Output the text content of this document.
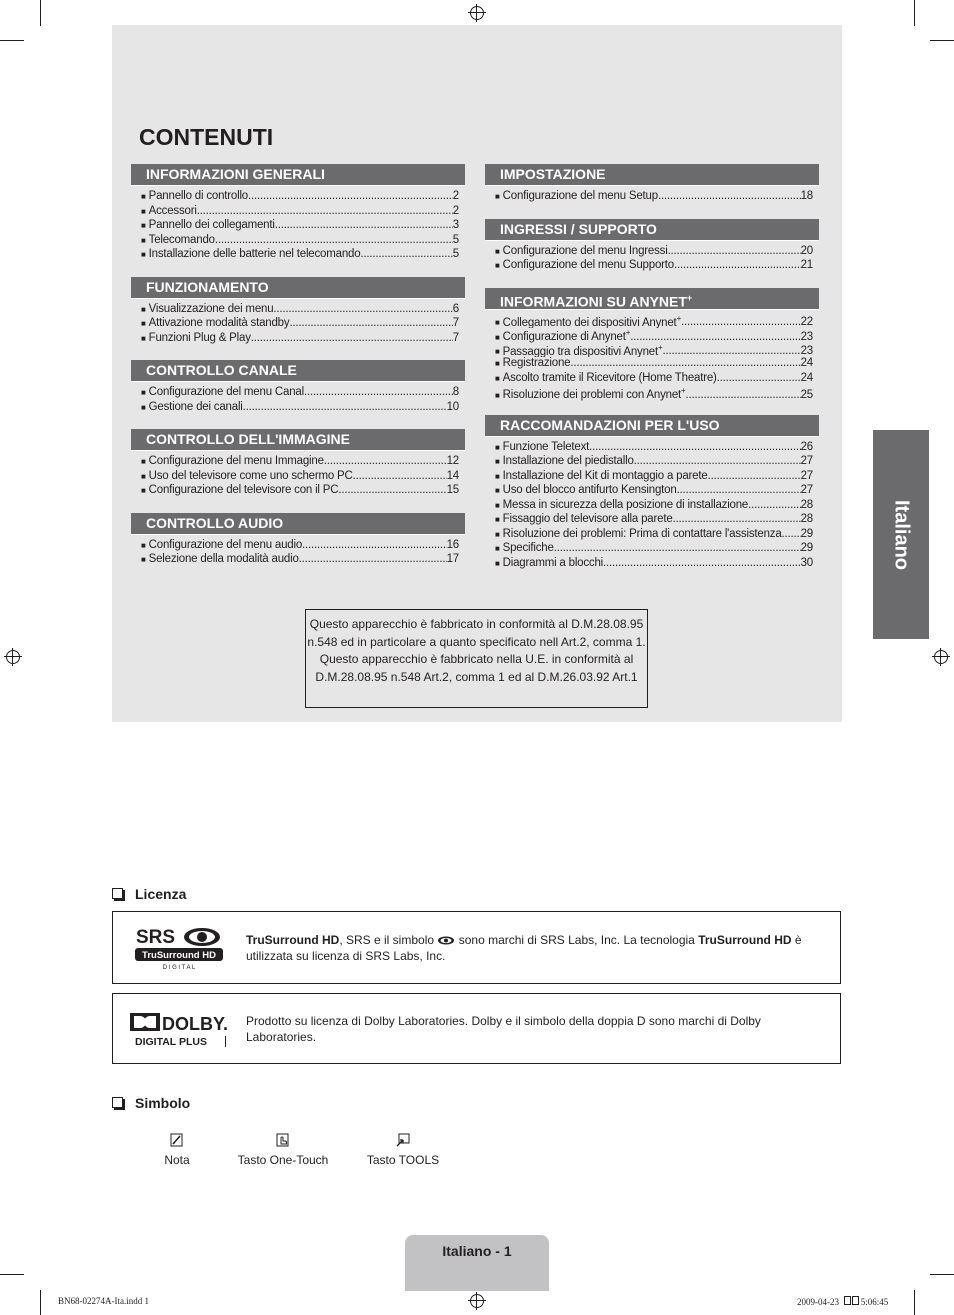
CONTENUTI
INFORMAZIONI GENERALI
■ Pannello di controllo .....	2
■ Accessori .....	2
■ Pannello dei collegamenti .....	3
■ Telecomando .....	5
■ Installazione delle batterie nel telecomando .....	5
FUNZIONAMENTO
■ Visualizzazione dei menu .....	6
■ Attivazione modalità standby .....	7
■ Funzioni Plug & Play .....	7
CONTROLLO CANALE
■ Configurazione del menu Canal .....	8
■ Gestione dei canali .....	10
CONTROLLO DELL'IMMAGINE
■ Configurazione del menu Immagine .....	12
■ Uso del televisore come uno schermo PC .....	14
■ Configurazione del televisore con il PC .....	15
CONTROLLO AUDIO
■ Configurazione del menu audio .....	16
■ Selezione della modalità audio .....	17
IMPOSTAZIONE
■ Configurazione del menu Setup .....	18
INGRESSI / SUPPORTO
■ Configurazione del menu Ingressi .....	20
■ Configurazione del menu Supporto .....	21
INFORMAZIONI SU ANYNET+
■ Collegamento dei dispositivi Anynet+ .....	22
■ Configurazione di Anynet+ .....	23
■ Passaggio tra dispositivi Anynet+ .....	23
■ Registrazione .....	24
■ Ascolto tramite il Ricevitore (Home Theatre) .....	24
■ Risoluzione dei problemi con Anynet+ .....	25
RACCOMANDAZIONI PER L'USO
■ Funzione Teletext .....	26
■ Installazione del piedistallo .....	27
■ Installazione del Kit di montaggio a parete .....	27
■ Uso del blocco antifurto Kensington .....	27
■ Messa in sicurezza della posizione di installazione .....	28
■ Fissaggio del televisore alla parete .....	28
■ Risoluzione dei problemi: Prima di contattare l'assistenza ..... 29
■ Specifiche .....	29
■ Diagrammi a blocchi .....	30
Questo apparecchio è fabbricato in conformità al D.M.28.08.95 n.548 ed in particolare a quanto specificato nell Art.2, comma 1. Questo apparecchio è fabbricato nella U.E. in conformità al D.M.28.08.95 n.548 Art.2, comma 1 ed al D.M.26.03.92 Art.1
Licenza
SRS
TruSurround HD
D I G I T A L
TruSurround HD, SRS e il simbolo sono marchi di SRS Labs, Inc. La tecnologia TruSurround HD è utilizzata su licenza di SRS Labs, Inc.
DOLBY.
DIGITAL PLUS
Prodotto su licenza di Dolby Laboratories. Dolby e il simbolo della doppia D sono marchi di Dolby Laboratories.
Simbolo
Nota	Tasto One-Touch	Tasto TOOLS
Italiano
Italiano - 1
BN68-02274A-Ita.indd 1	2009-04-23 5:06:45
